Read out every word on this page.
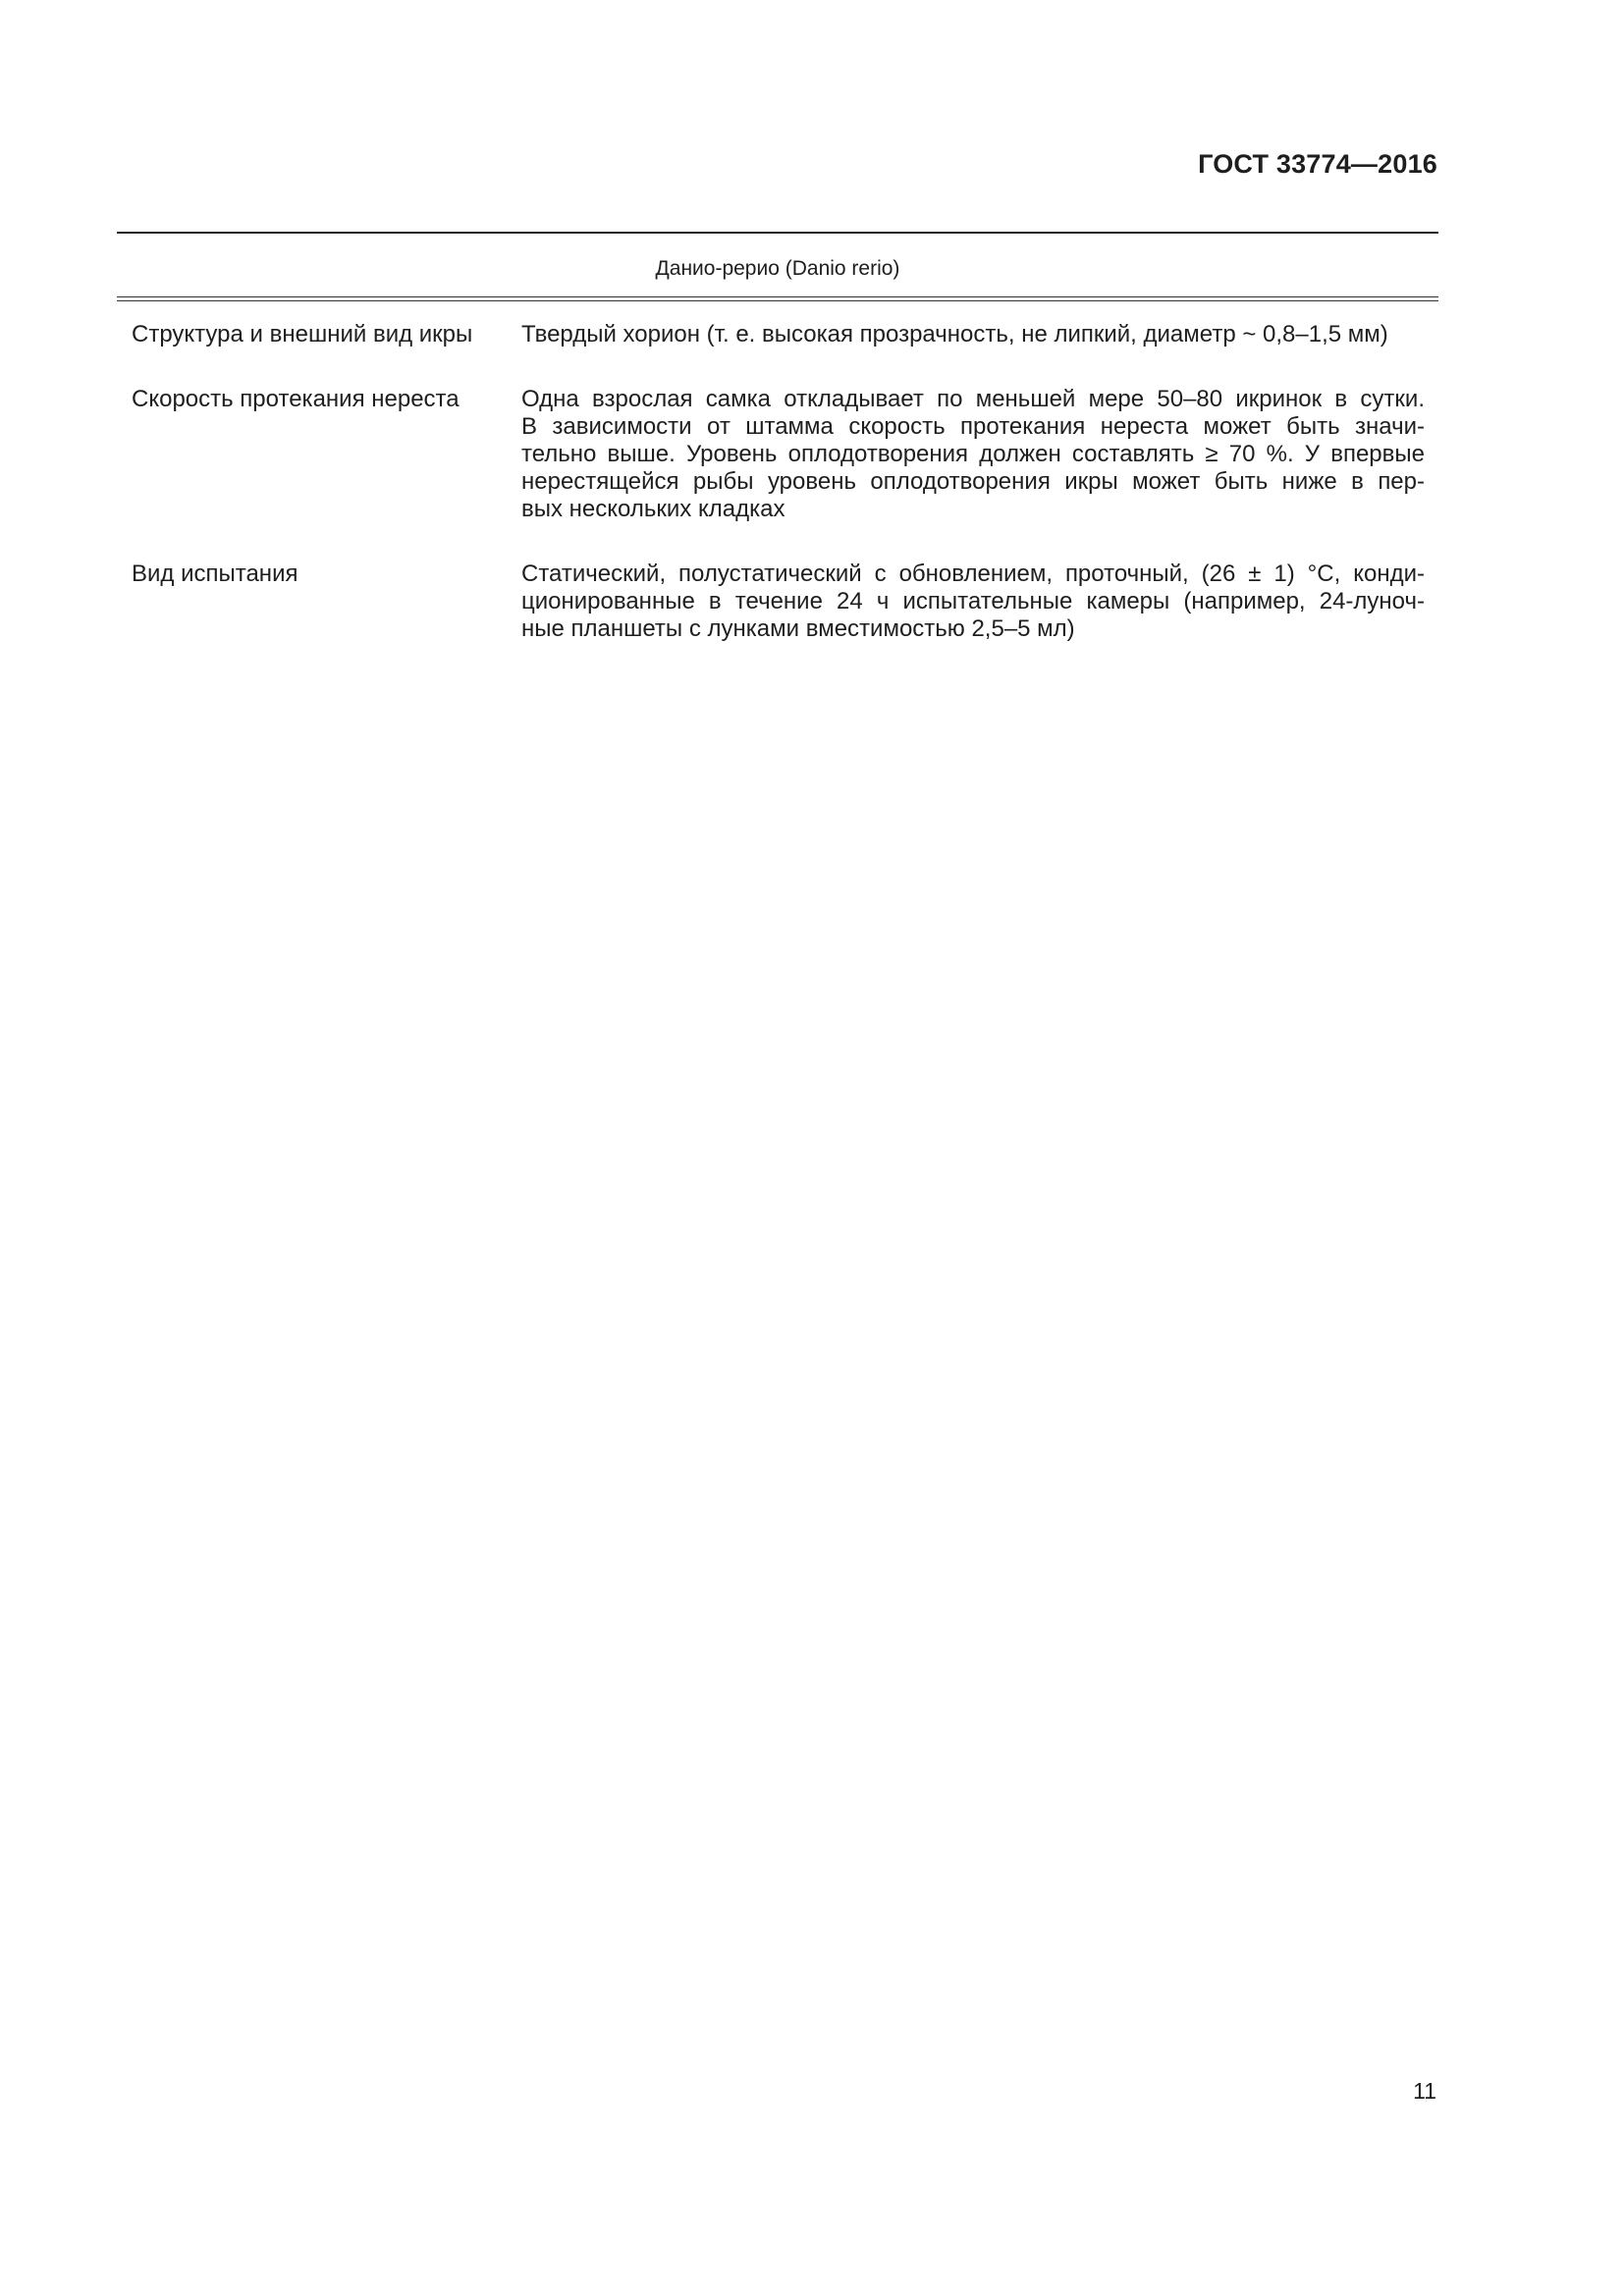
ГОСТ 33774—2016
Данио-рерио (Danio rerio)
Структура и внешний вид икры	Твердый хорион (т. е. высокая прозрачность, не липкий, диаметр ~ 0,8–1,5 мм)
Скорость протекания нереста	Одна взрослая самка откладывает по меньшей мере 50–80 икринок в сутки.
В зависимости от штамма скорость протекания нереста может быть значи-
тельно выше. Уровень оплодотворения должен составлять ≥ 70 %. У впервые
нерестящейся рыбы уровень оплодотворения икры может быть ниже в пер-
вых нескольких кладках
Вид испытания	Статический, полустатический с обновлением, проточный, (26 ± 1) °С, конди-
ционированные в течение 24 ч испытательные камеры (например, 24-луноч-
ные планшеты с лунками вместимостью 2,5–5 мл)
11
